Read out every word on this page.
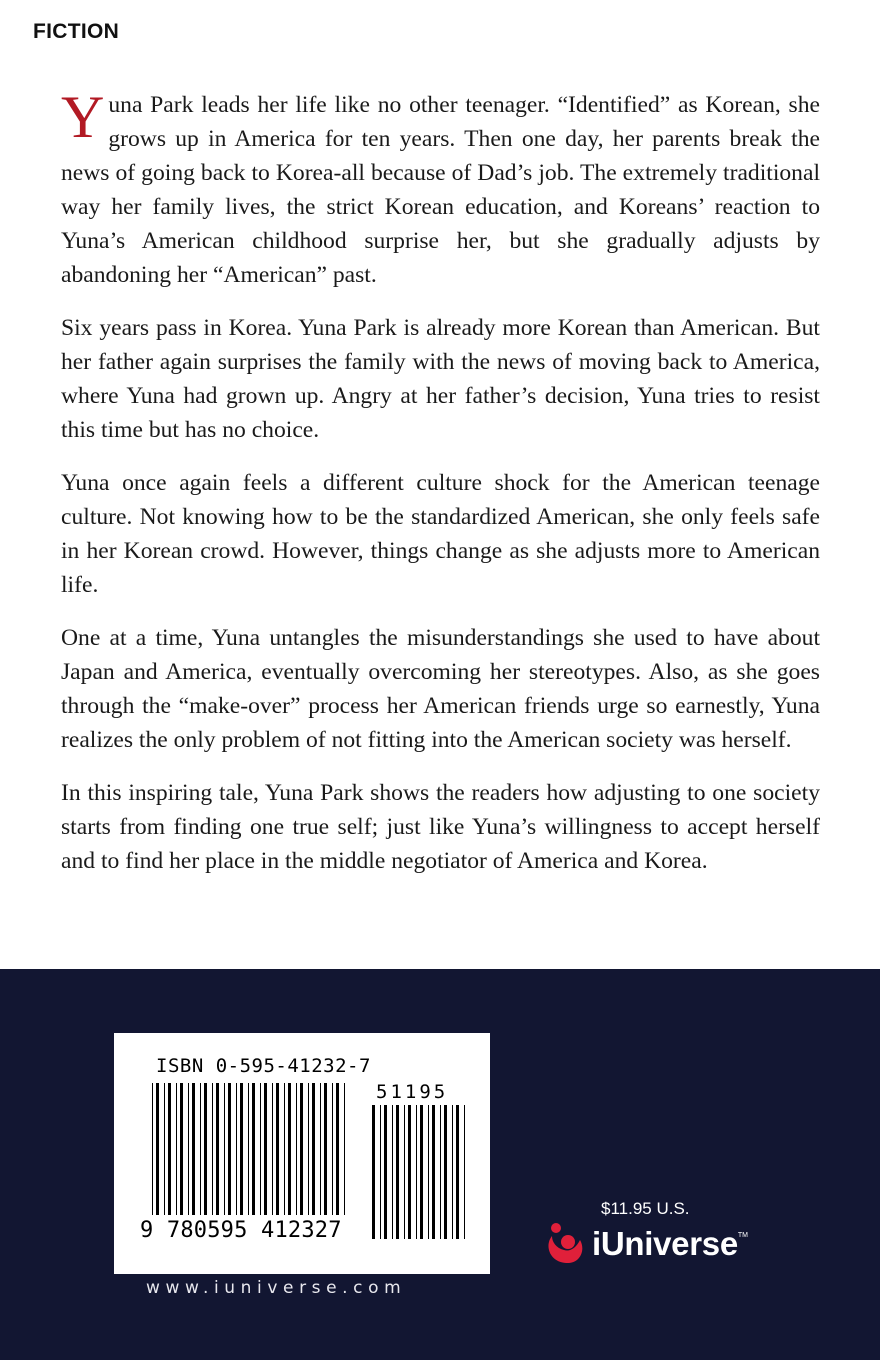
FICTION

Yuna Park leads her life like no other teenager. “Identified” as Korean, she grows up in America for ten years. Then one day, her parents break the news of going back to Korea-all because of Dad’s job. The extremely traditional way her family lives, the strict Korean education, and Koreans’ reaction to Yuna’s American childhood surprise her, but she gradually adjusts by abandoning her “American” past.

Six years pass in Korea. Yuna Park is already more Korean than American. But her father again surprises the family with the news of moving back to America, where Yuna had grown up. Angry at her father’s decision, Yuna tries to resist this time but has no choice.

Yuna once again feels a different culture shock for the American teenage culture. Not knowing how to be the standardized American, she only feels safe in her Korean crowd. However, things change as she adjusts more to American life.

One at a time, Yuna untangles the misunderstandings she used to have about Japan and America, eventually overcoming her stereotypes. Also, as she goes through the “make-over” process her American friends urge so earnestly, Yuna realizes the only problem of not fitting into the American society was herself.

In this inspiring tale, Yuna Park shows the readers how adjusting to one society starts from finding one true self; just like Yuna’s willingness to accept herself and to find her place in the middle negotiator of America and Korea.

ISBN 0-595-41232-7
51195
9 780595 412327
www.iuniverse.com
$11.95 U.S.
iUniverse TM
